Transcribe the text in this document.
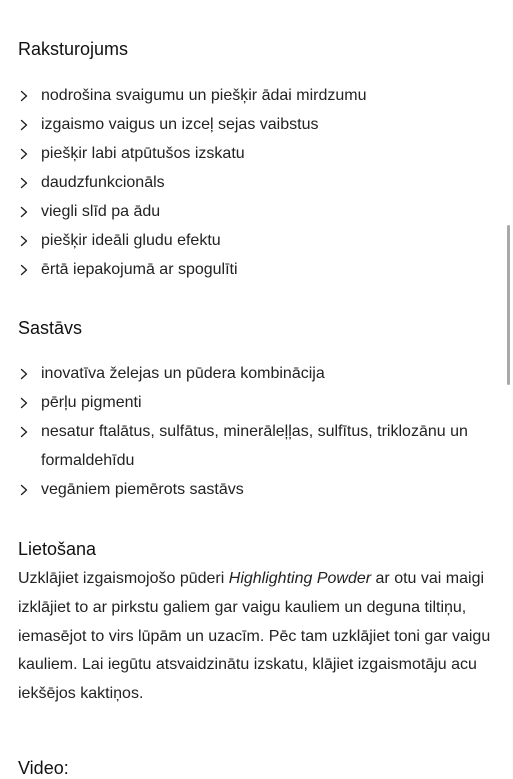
Raksturojums
nodrošina svaigumu un piešķir ādai mirdzumu
izgaismo vaigus un izceļ sejas vaibstus
piešķir labi atpūtušos izskatu
daudzfunkcionāls
viegli slīd pa ādu
piešķir ideāli gludu efektu
ērtā iepakojumā ar spogulīti
Sastāvs
inovatīva želejas un pūdera kombinācija
pērļu pigmenti
nesatur ftalātus, sulfātus, minerāleļļas, sulfītus, triklozānu un formaldehīdu
vegāniem piemērots sastāvs
Lietošana

Uzklājiet izgaismojošo pūderi Highlighting Powder ar otu vai maigi izklājiet to ar pirkstu galiem gar vaigu kauliem un deguna tiltiņu, iemasējot to virs lūpām un uzacīm. Pēc tam uzklājiet toni gar vaigu kauliem. Lai iegūtu atsvaidzinātu izskatu, klājiet izgaismotāju acu iekšējos kaktiņos.

Video:
